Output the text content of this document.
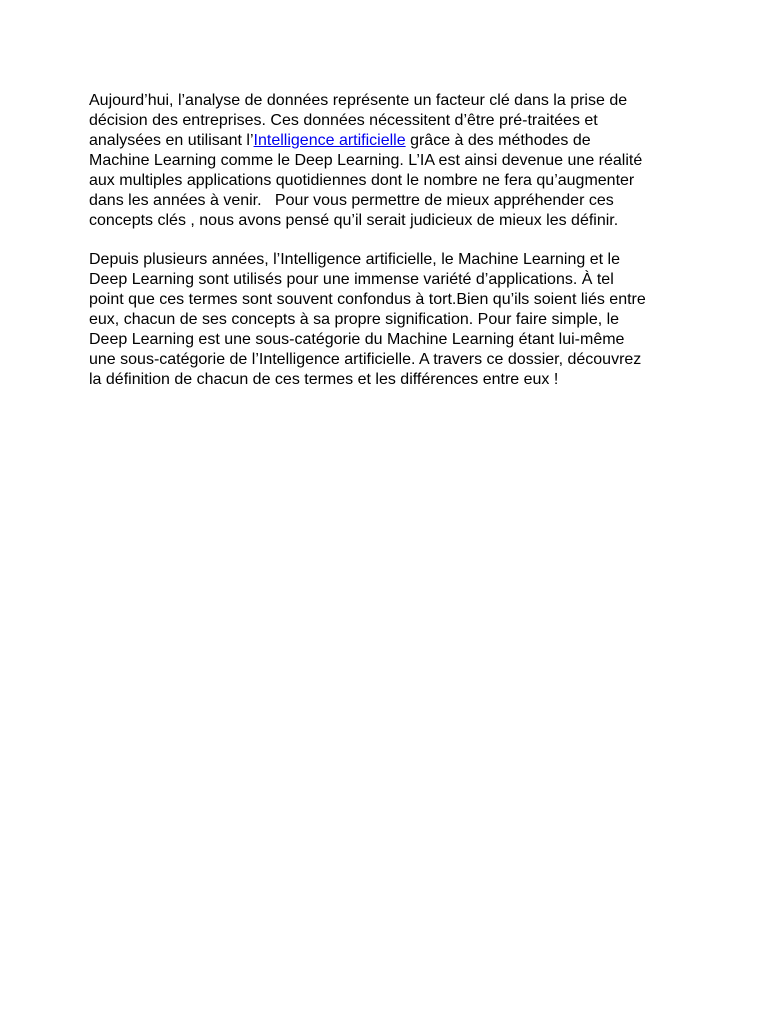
Aujourd’hui, l’analyse de données représente un facteur clé dans la prise de
décision des entreprises. Ces données nécessitent d’être pré-traitées et
analysées en utilisant l’Intelligence artificielle grâce à des méthodes de
Machine Learning comme le Deep Learning. L’IA est ainsi devenue une réalité
aux multiples applications quotidiennes dont le nombre ne fera qu’augmenter
dans les années à venir.   Pour vous permettre de mieux appréhender ces
concepts clés , nous avons pensé qu’il serait judicieux de mieux les définir.

Depuis plusieurs années, l’Intelligence artificielle, le Machine Learning et le
Deep Learning sont utilisés pour une immense variété d’applications. À tel
point que ces termes sont souvent confondus à tort.Bien qu’ils soient liés entre
eux, chacun de ses concepts à sa propre signification. Pour faire simple, le
Deep Learning est une sous-catégorie du Machine Learning étant lui-même
une sous-catégorie de l’Intelligence artificielle. A travers ce dossier, découvrez
la définition de chacun de ces termes et les différences entre eux !
